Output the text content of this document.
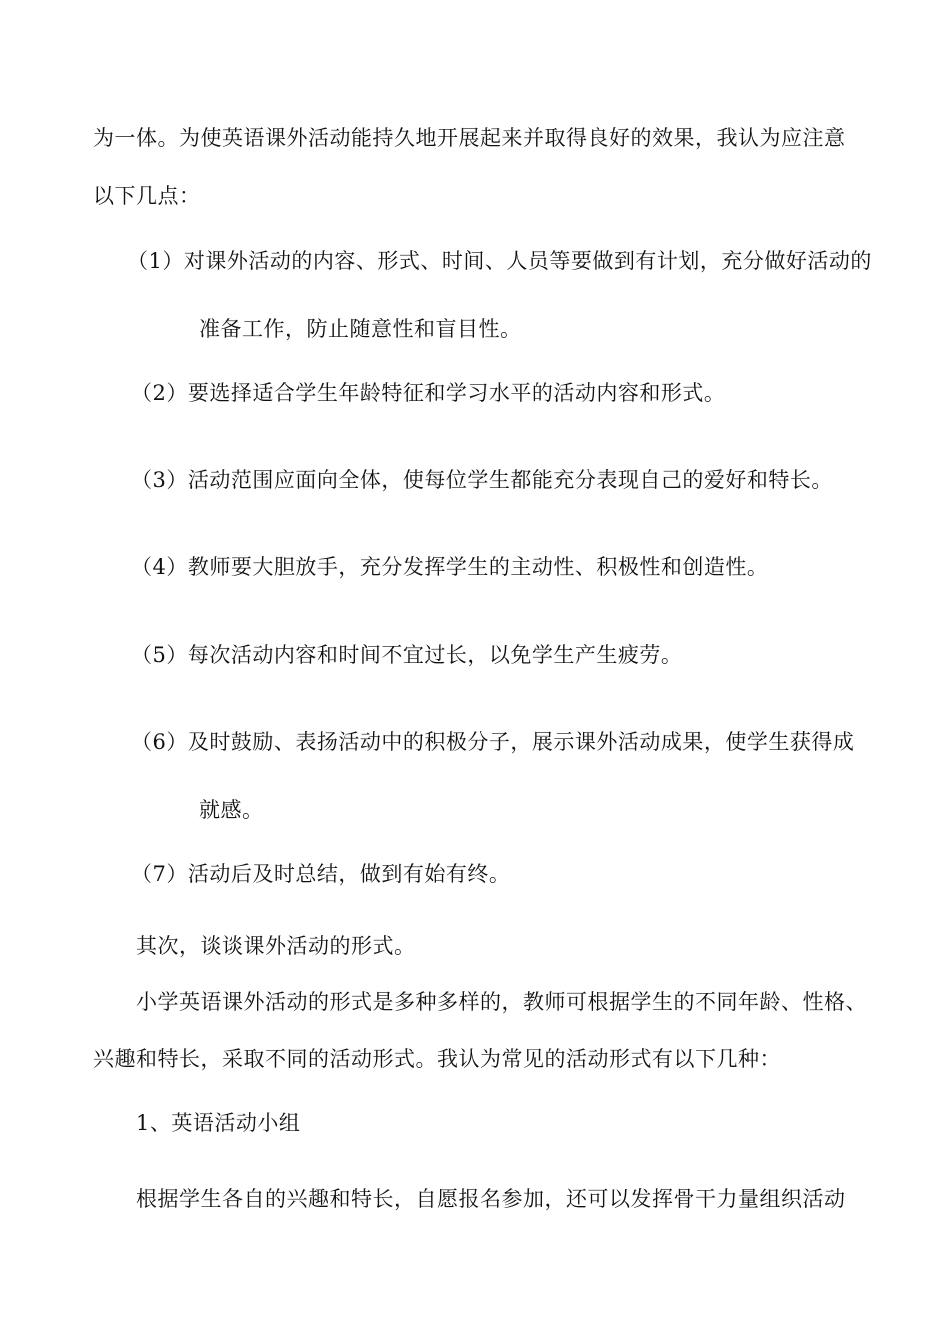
为一体。为使英语课外活动能持久地开展起来并取得良好的效果，我认为应注意
以下几点：
（1）对课外活动的内容、形式、时间、人员等要做到有计划，充分做好活动的
准备工作，防止随意性和盲目性。
（2）要选择适合学生年龄特征和学习水平的活动内容和形式。
（3）活动范围应面向全体，使每位学生都能充分表现自己的爱好和特长。
（4）教师要大胆放手，充分发挥学生的主动性、积极性和创造性。
（5）每次活动内容和时间不宜过长，以免学生产生疲劳。
（6）及时鼓励、表扬活动中的积极分子，展示课外活动成果，使学生获得成
就感。
（7）活动后及时总结，做到有始有终。
其次，谈谈课外活动的形式。
小学英语课外活动的形式是多种多样的，教师可根据学生的不同年龄、性格、
兴趣和特长，采取不同的活动形式。我认为常见的活动形式有以下几种：
1、英语活动小组
根据学生各自的兴趣和特长，自愿报名参加，还可以发挥骨干力量组织活动
